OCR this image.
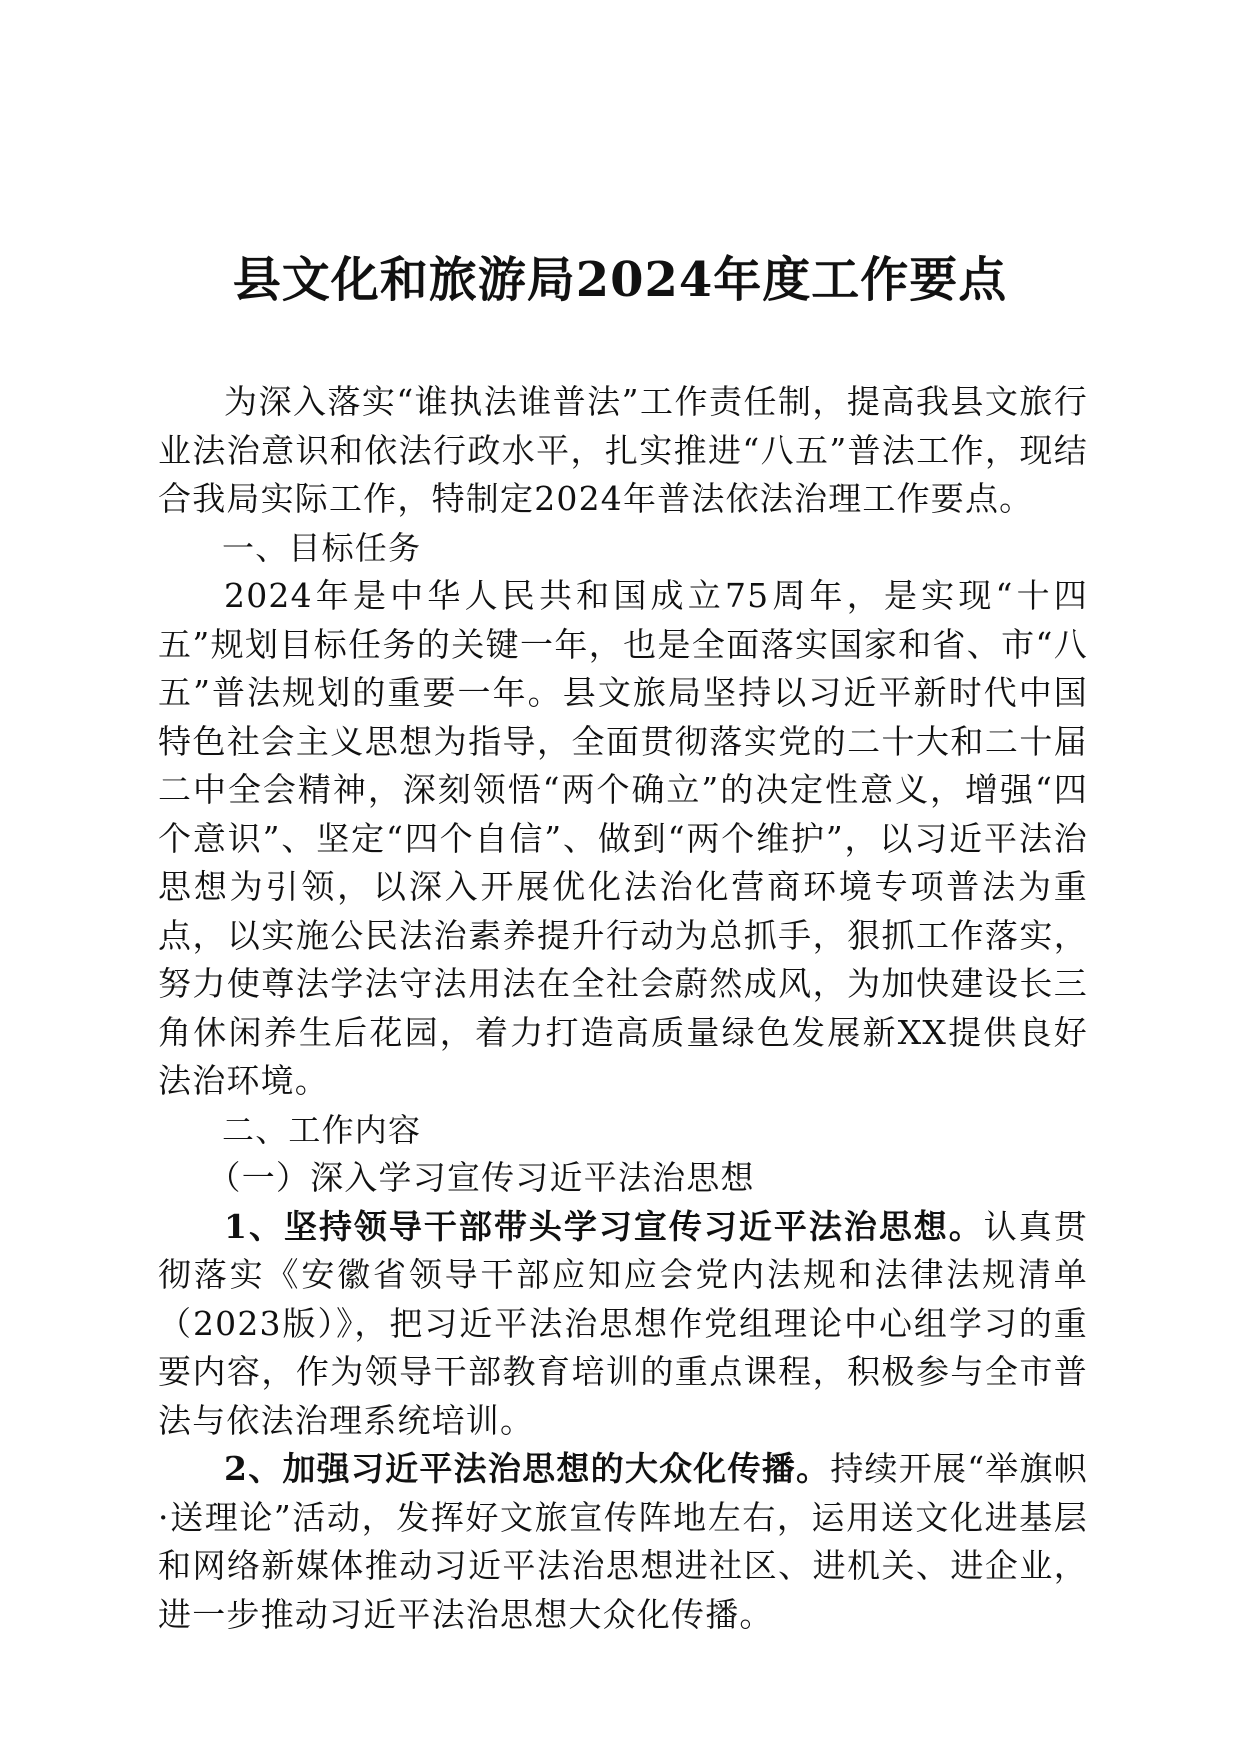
县文化和旅游局2024年度工作要点

为深入落实“谁执法谁普法”工作责任制，提高我县文旅行业法治意识和依法行政水平，扎实推进“八五”普法工作，现结合我局实际工作，特制定2024年普法依法治理工作要点。

一、目标任务

2024年是中华人民共和国成立75周年，是实现“十四五”规划目标任务的关键一年，也是全面落实国家和省、市“八五”普法规划的重要一年。县文旅局坚持以习近平新时代中国特色社会主义思想为指导，全面贯彻落实党的二十大和二十届二中全会精神，深刻领悟“两个确立”的决定性意义，增强“四个意识”、坚定“四个自信”、做到“两个维护”，以习近平法治思想为引领，以深入开展优化法治化营商环境专项普法为重点，以实施公民法治素养提升行动为总抓手，狠抓工作落实，努力使尊法学法守法用法在全社会蔚然成风，为加快建设长三角休闲养生后花园，着力打造高质量绿色发展新XX提供良好法治环境。

二、工作内容

（一）深入学习宣传习近平法治思想

1、坚持领导干部带头学习宣传习近平法治思想。认真贯彻落实《安徽省领导干部应知应会党内法规和法律法规清单（2023版）》，把习近平法治思想作党组理论中心组学习的重要内容，作为领导干部教育培训的重点课程，积极参与全市普法与依法治理系统培训。

2、加强习近平法治思想的大众化传播。持续开展“举旗帜·送理论”活动，发挥好文旅宣传阵地左右，运用送文化进基层和网络新媒体推动习近平法治思想进社区、进机关、进企业，进一步推动习近平法治思想大众化传播。
